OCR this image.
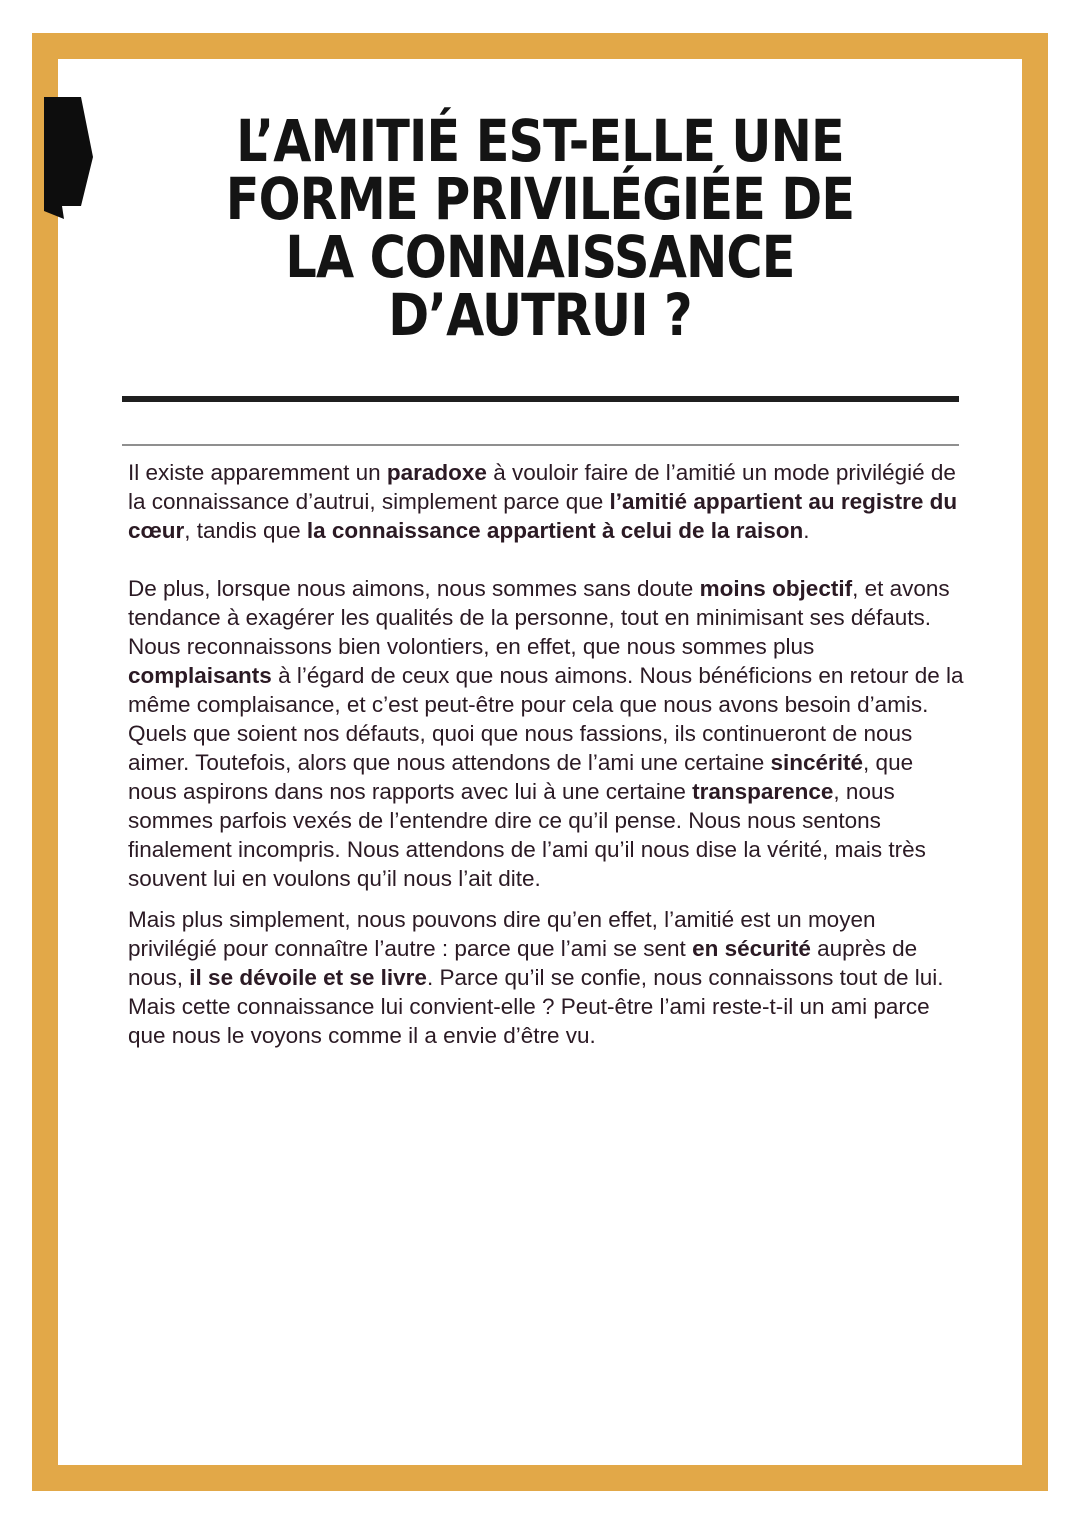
L’AMITIÉ EST-ELLE UNE
FORME PRIVILÉGIÉE DE
LA CONNAISSANCE
D’AUTRUI ?

Il existe apparemment un paradoxe à vouloir faire de l’amitié un mode privilégié de la connaissance d’autrui, simplement parce que l’amitié appartient au registre du cœur, tandis que la connaissance appartient à celui de la raison.

De plus, lorsque nous aimons, nous sommes sans doute moins objectif, et avons tendance à exagérer les qualités de la personne, tout en minimisant ses défauts. Nous reconnaissons bien volontiers, en effet, que nous sommes plus complaisants à l’égard de ceux que nous aimons. Nous bénéficions en retour de la même complaisance, et c’est peut-être pour cela que nous avons besoin d’amis. Quels que soient nos défauts, quoi que nous fassions, ils continueront de nous aimer. Toutefois, alors que nous attendons de l’ami une certaine sincérité, que nous aspirons dans nos rapports avec lui à une certaine transparence, nous sommes parfois vexés de l’entendre dire ce qu’il pense. Nous nous sentons finalement incompris. Nous attendons de l’ami qu’il nous dise la vérité, mais très souvent lui en voulons qu’il nous l’ait dite.

Mais plus simplement, nous pouvons dire qu’en effet, l’amitié est un moyen privilégié pour connaître l’autre : parce que l’ami se sent en sécurité auprès de nous, il se dévoile et se livre. Parce qu’il se confie, nous connaissons tout de lui. Mais cette connaissance lui convient-elle ? Peut-être l’ami reste-t-il un ami parce que nous le voyons comme il a envie d’être vu.
